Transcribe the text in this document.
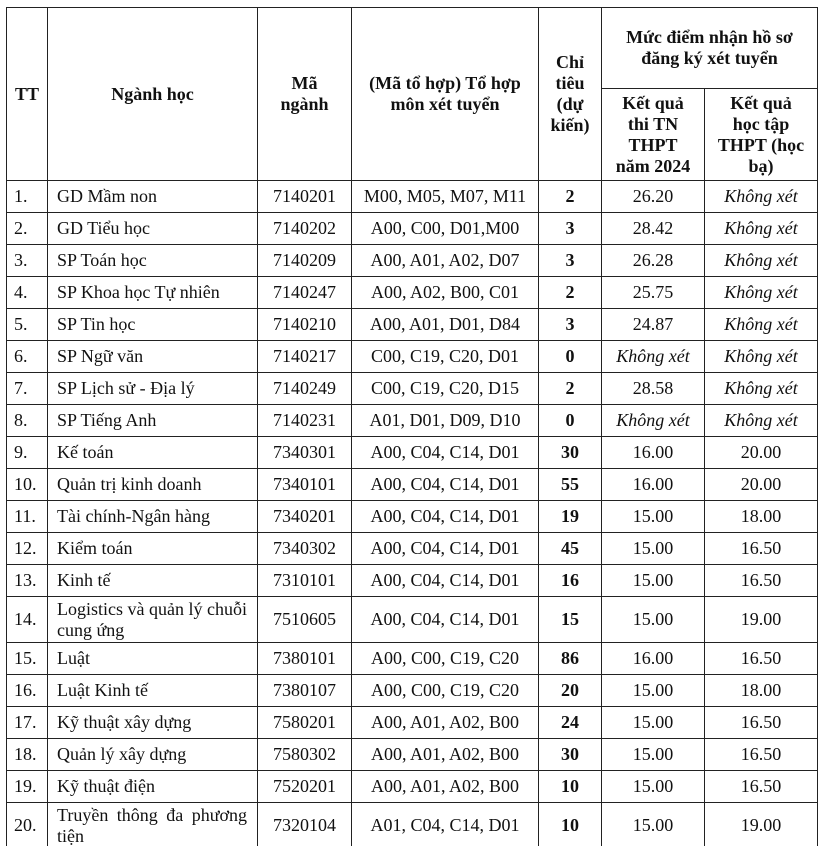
TT	Ngành học	Mã ngành	(Mã tổ hợp) Tổ hợp môn xét tuyển	Chỉ tiêu (dự kiến)	Mức điểm nhận hồ sơ đăng ký xét tuyển	
					Kết quả thi TN THPT năm 2024	Kết quả học tập THPT (học bạ)
1.	GD Mầm non	7140201	M00, M05, M07, M11	2	26.20	Không xét
2.	GD Tiểu học	7140202	A00, C00, D01,M00	3	28.42	Không xét
3.	SP Toán học	7140209	A00, A01, A02, D07	3	26.28	Không xét
4.	SP Khoa học Tự nhiên	7140247	A00, A02, B00, C01	2	25.75	Không xét
5.	SP Tin học	7140210	A00, A01, D01, D84	3	24.87	Không xét
6.	SP Ngữ văn	7140217	C00, C19, C20, D01	0	Không xét	Không xét
7.	SP Lịch sử - Địa lý	7140249	C00, C19, C20, D15	2	28.58	Không xét
8.	SP Tiếng Anh	7140231	A01, D01, D09, D10	0	Không xét	Không xét
9.	Kế toán	7340301	A00, C04, C14, D01	30	16.00	20.00
10.	Quản trị kinh doanh	7340101	A00, C04, C14, D01	55	16.00	20.00
11.	Tài chính-Ngân hàng	7340201	A00, C04, C14, D01	19	15.00	18.00
12.	Kiểm toán	7340302	A00, C04, C14, D01	45	15.00	16.50
13.	Kinh tế	7310101	A00, C04, C14, D01	16	15.00	16.50
14.	Logistics và quản lý chuỗi cung ứng	7510605	A00, C04, C14, D01	15	15.00	19.00
15.	Luật	7380101	A00, C00, C19, C20	86	16.00	16.50
16.	Luật Kinh tế	7380107	A00, C00, C19, C20	20	15.00	18.00
17.	Kỹ thuật xây dựng	7580201	A00, A01, A02, B00	24	15.00	16.50
18.	Quản lý xây dựng	7580302	A00, A01, A02, B00	30	15.00	16.50
19.	Kỹ thuật điện	7520201	A00, A01, A02, B00	10	15.00	16.50
20.	Truyền thông đa phương tiện	7320104	A01, C04, C14, D01	10	15.00	19.00
